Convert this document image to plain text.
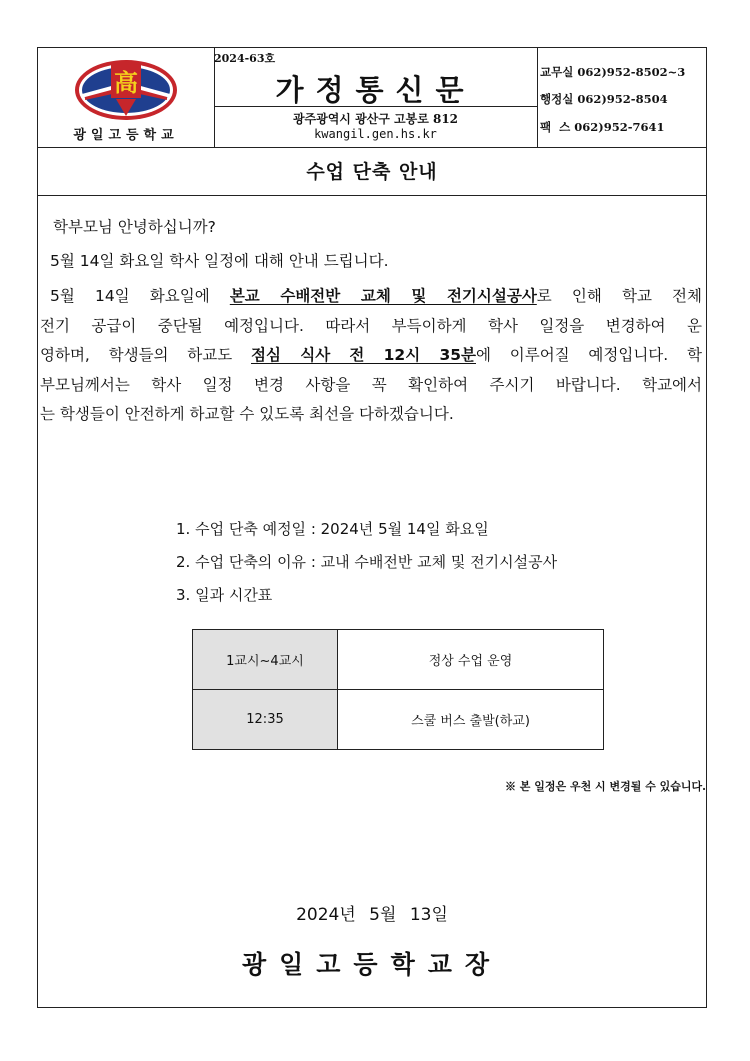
高
광일고등학교
2024-63호
가정통신문
광주광역시 광산구 고봉로 812
kwangil.gen.hs.kr
교무실 062)952-8502~3
행정실 062)952-8504
팩  스 062)952-7641
수업 단축 안내

학부모님 안녕하십니까?

5월 14일 화요일 학사 일정에 대해 안내 드립니다.

5월 14일 화요일에 본교 수배전반 교체 및 전기시설공사로 인해 학교 전체

전기 공급이 중단될 예정입니다. 따라서 부득이하게 학사 일정을 변경하여 운

영하며, 학생들의 하교도 점심 식사 전 12시 35분에 이루어질 예정입니다. 학

부모님께서는 학사 일정 변경 사항을 꼭 확인하여 주시기 바랍니다. 학교에서

는 학생들이 안전하게 하교할 수 있도록 최선을 다하겠습니다.

1. 수업 단축 예정일 : 2024년 5월 14일 화요일
2. 수업 단축의 이유 : 교내 수배전반 교체 및 전기시설공사
3. 일과 시간표
1교시~4교시	정상 수업 운영
12:35	스쿨 버스 출발(하교)
※ 본 일정은 우천 시 변경될 수 있습니다.
2024년 5월 13일
광일고등학교장
